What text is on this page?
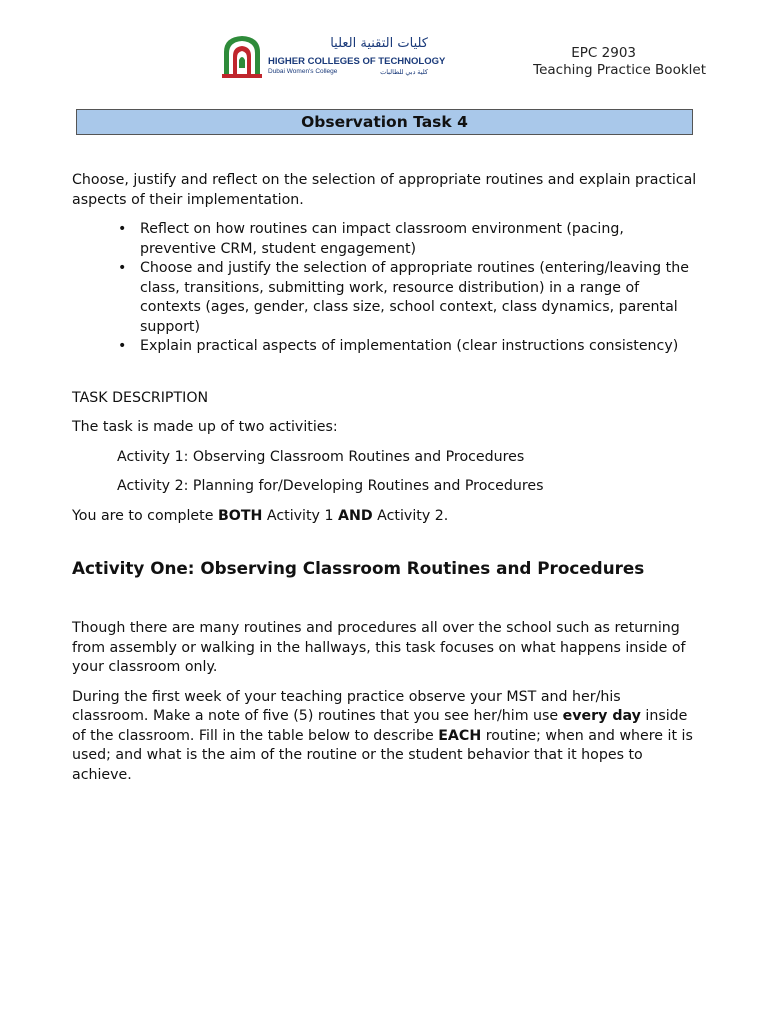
كليات التقنية العليا
HIGHER COLLEGES OF TECHNOLOGY
Dubai Women's College	كلية دبي للطالبات
EPC 2903
Teaching Practice Booklet
Observation Task 4

Choose, justify and reflect on the selection of appropriate routines and explain practical aspects of their implementation.

• Reflect on how routines can impact classroom environment (pacing, preventive CRM, student engagement)
• Choose and justify the selection of appropriate routines (entering/leaving the class, transitions, submitting work, resource distribution) in a range of contexts (ages, gender, class size, school context, class dynamics, parental support)
• Explain practical aspects of implementation (clear instructions consistency)

TASK DESCRIPTION

The task is made up of two activities:

Activity 1: Observing Classroom Routines and Procedures

Activity 2: Planning for/Developing Routines and Procedures

You are to complete BOTH Activity 1 AND Activity 2.

Activity One: Observing Classroom Routines and Procedures

Though there are many routines and procedures all over the school such as returning from assembly or walking in the hallways, this task focuses on what happens inside of your classroom only.

During the first week of your teaching practice observe your MST and her/his classroom. Make a note of five (5) routines that you see her/him use every day inside of the classroom. Fill in the table below to describe EACH routine; when and where it is used; and what is the aim of the routine or the student behavior that it hopes to achieve.
